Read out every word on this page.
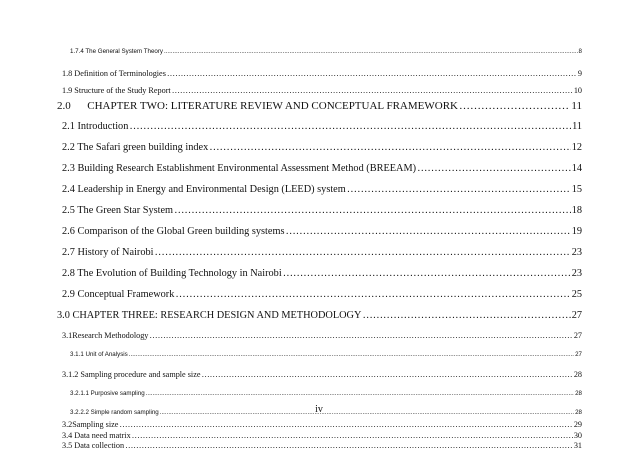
1.7.4 The General System Theory .....	8
1.8 Definition of Terminologies ……………………………………………………………………………………………………………………………………………………………………………………………………………………………………………………………	9
1.9 Structure of the Study Report ……………………………………………………………………………………………………………………………………………………………………………………………………………………………………………………………	10
2.0      CHAPTER TWO: LITERATURE REVIEW AND CONCEPTUAL FRAMEWORK ……………………………………………………………………………………………………………………………………………………………………………………………………………………………………………………………	11
2.1 Introduction ……………………………………………………………………………………………………………………………………………………………………………………………………………………………………………………………	11
2.2 The Safari green building index ……………………………………………………………………………………………………………………………………………………………………………………………………………………………………………………………	12
2.3 Building Research Establishment Environmental Assessment Method (BREEAM) ……………………………………………………………………………………………………………………………………………………………………………………………………………………………………………………………	14
2.4 Leadership in Energy and Environmental Design (LEED) system ……………………………………………………………………………………………………………………………………………………………………………………………………………………………………………………………	15
2.5 The Green Star System ……………………………………………………………………………………………………………………………………………………………………………………………………………………………………………………………	18
2.6 Comparison of the Global Green building systems ……………………………………………………………………………………………………………………………………………………………………………………………………………………………………………………………	19
2.7 History of Nairobi ……………………………………………………………………………………………………………………………………………………………………………………………………………………………………………………………	23
2.8 The Evolution of Building Technology in Nairobi ……………………………………………………………………………………………………………………………………………………………………………………………………………………………………………………………	23
2.9 Conceptual Framework ……………………………………………………………………………………………………………………………………………………………………………………………………………………………………………………………	25
3.0 CHAPTER THREE: RESEARCH DESIGN AND METHODOLOGY ……………………………………………………………………………………………………………………………………………………………………………………………………………………………………………………………	27
3.1Research Methodology ……………………………………………………………………………………………………………………………………………………………………………………………………………………………………………………………	27
3.1.1 Unit of Analysis .....	27
3.1.2 Sampling procedure and sample size ……………………………………………………………………………………………………………………………………………………………………………………………………………………………………………………………	28
3.2.1.1 Purposive sampling .....	28
3.2.2.2 Simple random sampling .....	28
3.2Sampling size ……………………………………………………………………………………………………………………………………………………………………………………………………………………………………………………………	29
3.4 Data need matrix ……………………………………………………………………………………………………………………………………………………………………………………………………………………………………………………………	30
3.5 Data collection ……………………………………………………………………………………………………………………………………………………………………………………………………………………………………………………………	31
iv
